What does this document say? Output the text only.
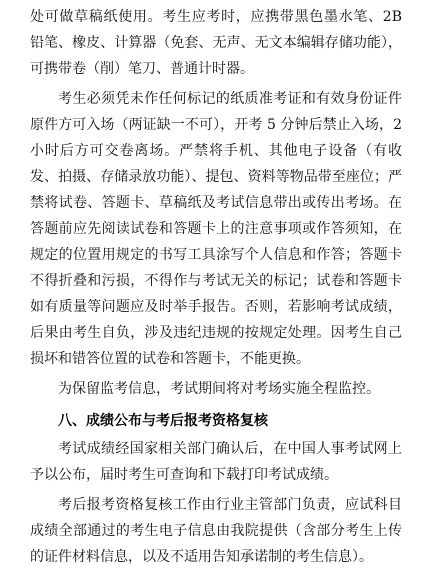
处可做草稿纸使用。考生应考时，应携带黑色墨水笔、2B 铅笔、橡皮、计算器（免套、无声、无文本编辑存储功能），可携带卷（削）笔刀、普通计时器。

考生必须凭未作任何标记的纸质准考证和有效身份证件原件方可入场（两证缺一不可），开考 5 分钟后禁止入场，2 小时后方可交卷离场。严禁将手机、其他电子设备（有收发、拍摄、存储录放功能）、提包、资料等物品带至座位；严禁将试卷、答题卡、草稿纸及考试信息带出或传出考场。在答题前应先阅读试卷和答题卡上的注意事项或作答须知，在规定的位置用规定的书写工具涂写个人信息和作答；答题卡不得折叠和污损，不得作与考试无关的标记；试卷和答题卡如有质量等问题应及时举手报告。否则，若影响考试成绩，后果由考生自负，涉及违纪违规的按规定处理。因考生自己损坏和错答位置的试卷和答题卡，不能更换。

为保留监考信息，考试期间将对考场实施全程监控。

八、成绩公布与考后报考资格复核

考试成绩经国家相关部门确认后，在中国人事考试网上予以公布，届时考生可查询和下载打印考试成绩。

考后报考资格复核工作由行业主管部门负责，应试科目成绩全部通过的考生电子信息由我院提供（含部分考生上传的证件材料信息，以及不适用告知承诺制的考生信息）。
